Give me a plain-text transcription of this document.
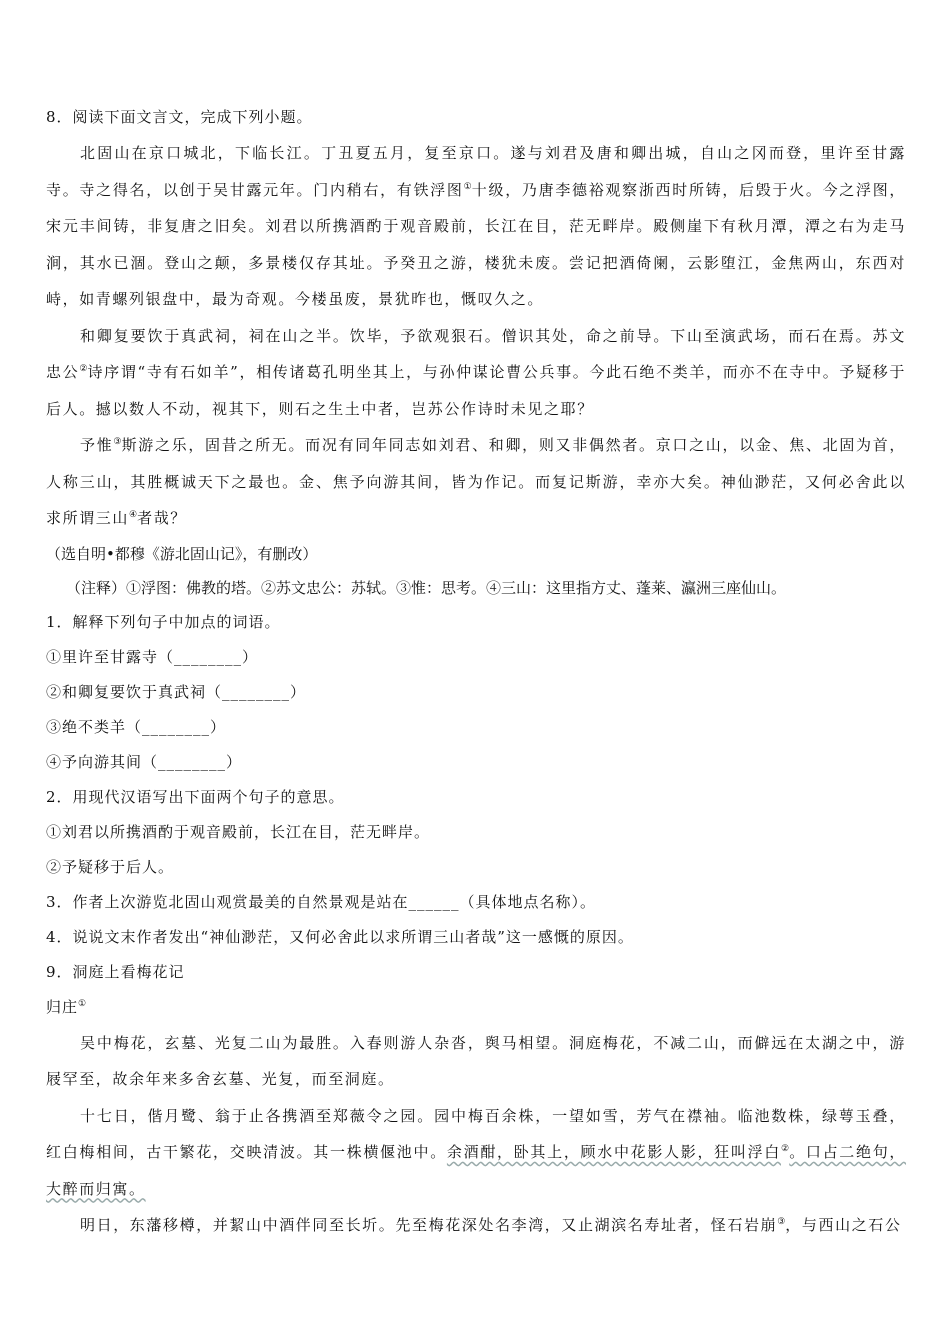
8．阅读下面文言文，完成下列小题。

北固山在京口城北，下临长江。丁丑夏五月，复至京口。遂与刘君及唐和卿出城，自山之冈而登，里许至甘露寺。寺之得名，以创于吴甘露元年。门内稍右，有铁浮图①十级，乃唐李德裕观察浙西时所铸，后毁于火。今之浮图，宋元丰间铸，非复唐之旧矣。刘君以所携酒酌于观音殿前，长江在目，茫无畔岸。殿侧崖下有秋月潭，潭之右为走马涧，其水已涸。登山之颠，多景楼仅存其址。予癸丑之游，楼犹未废。尝记把酒倚阑，云影堕江，金焦两山，东西对峙，如青螺列银盘中，最为奇观。今楼虽废，景犹昨也，慨叹久之。

和卿复要饮于真武祠，祠在山之半。饮毕，予欲观狠石。僧识其处，命之前导。下山至演武场，而石在焉。苏文忠公②诗序谓“寺有石如羊”，相传诸葛孔明坐其上，与孙仲谋论曹公兵事。今此石绝不类羊，而亦不在寺中。予疑移于后人。撼以数人不动，视其下，则石之生土中者，岂苏公作诗时未见之耶？

予惟③斯游之乐，固昔之所无。而况有同年同志如刘君、和卿，则又非偶然者。京口之山，以金、焦、北固为首，人称三山，其胜概诚天下之最也。金、焦予向游其间，皆为作记。而复记斯游，幸亦大矣。神仙渺茫，又何必舍此以求所谓三山④者哉？

（选自明•都穆《游北固山记》，有删改）

（注释）①浮图：佛教的塔。②苏文忠公：苏轼。③惟：思考。④三山：这里指方丈、蓬莱、瀛洲三座仙山。

1．解释下列句子中加点的词语。

①里许至甘露寺（________）

②和卿复要饮于真武祠（________）

③绝不类羊（________）

④予向游其间（________）

2．用现代汉语写出下面两个句子的意思。

①刘君以所携酒酌于观音殿前，长江在目，茫无畔岸。

②予疑移于后人。

3．作者上次游览北固山观赏最美的自然景观是站在______（具体地点名称）。

4．说说文末作者发出“神仙渺茫，又何必舍此以求所谓三山者哉”这一感慨的原因。

9．洞庭上看梅花记

归庄①

吴中梅花，玄墓、光复二山为最胜。入春则游人杂沓，舆马相望。洞庭梅花，不减二山，而僻远在太湖之中，游屐罕至，故余年来多舍玄墓、光复，而至洞庭。

十七日，偕月鹭、翁于止各携酒至郑薇令之园。园中梅百余株，一望如雪，芳气在襟袖。临池数株，绿萼玉叠，红白梅相间，古干繁花，交映清波。其一株横偃池中。余酒酣，卧其上，顾水中花影人影，狂叫浮白②。口占二绝句，大醉而归寓。

明日，东藩移樽，并絜山中酒伴同至长圻。先至梅花深处名李湾，又止湖滨名寿址者，怪石岩崩③，与西山之石公
